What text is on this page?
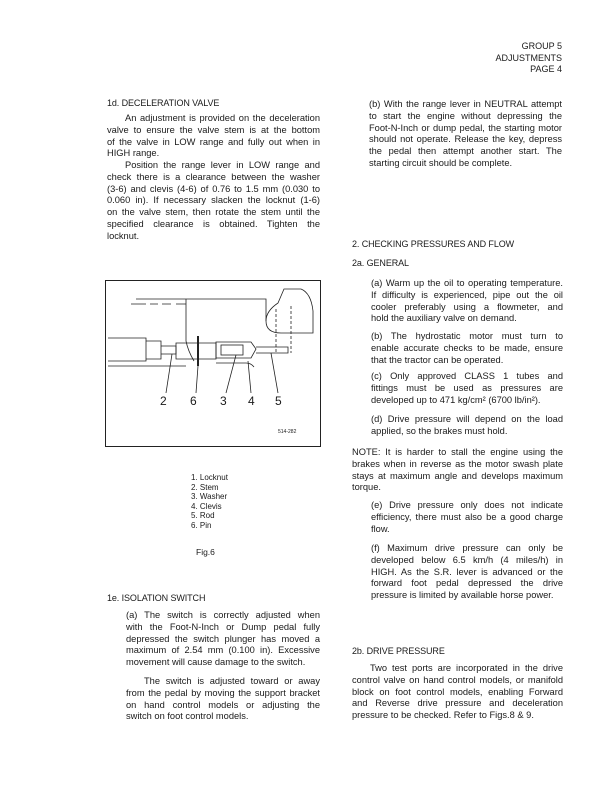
GROUP 5
ADJUSTMENTS
PAGE 4
1d. DECELERATION VALVE
An adjustment is provided on the deceleration
valve to ensure the valve stem is at the bottom
of the valve in LOW range and fully out when in
HIGH range.
Position the range lever in LOW range and
check there is a clearance between the washer
(3-6) and clevis (4-6) of 0.76 to 1.5 mm (0.030 to
0.060 in). If necessary slacken the locknut (1-6)
on the valve stem, then rotate the stem until the
specified clearance is obtained. Tighten the
locknut.
2 6 3 4 5
514-282
1. Locknut
2. Stem
3. Washer
4. Clevis
5. Rod
6. Pin
Fig.6
1e. ISOLATION SWITCH
(a) The switch is correctly adjusted when
with the Foot-N-Inch or Dump pedal fully
depressed the switch plunger has moved a
maximum of 2.54 mm (0.100 in). Excessive
movement will cause damage to the switch.
The switch is adjusted toward or away
from the pedal by moving the support bracket
on hand control models or adjusting the
switch on foot control models.
(b) With the range lever in NEUTRAL attempt
to start the engine without depressing the
Foot-N-Inch or dump pedal, the starting motor
should not operate. Release the key, depress
the pedal then attempt another start. The
starting circuit should be complete.
2. CHECKING PRESSURES AND FLOW
2a. GENERAL
(a) Warm up the oil to operating temperature.
If difficulty is experienced, pipe out the oil
cooler preferably using a flowmeter, and
hold the auxiliary valve on demand.
(b) The hydrostatic motor must turn to
enable accurate checks to be made, ensure
that the tractor can be operated.
(c) Only approved CLASS 1 tubes and
fittings must be used as pressures are
developed up to 471 kg/cm² (6700 lb/in²).
(d) Drive pressure will depend on the load
applied, so the brakes must hold.
NOTE: It is harder to stall the engine using the
brakes when in reverse as the motor swash plate
stays at maximum angle and develops maximum
torque.
(e) Drive pressure only does not indicate
efficiency, there must also be a good charge
flow.
(f) Maximum drive pressure can only be
developed below 6.5 km/h (4 miles/h) in
HIGH. As the S.R. lever is advanced or the
forward foot pedal depressed the drive
pressure is limited by available horse power.
2b. DRIVE PRESSURE
Two test ports are incorporated in the drive
control valve on hand control models, or manifold
block on foot control models, enabling Forward
and Reverse drive pressure and deceleration
pressure to be checked. Refer to Figs.8 & 9.
